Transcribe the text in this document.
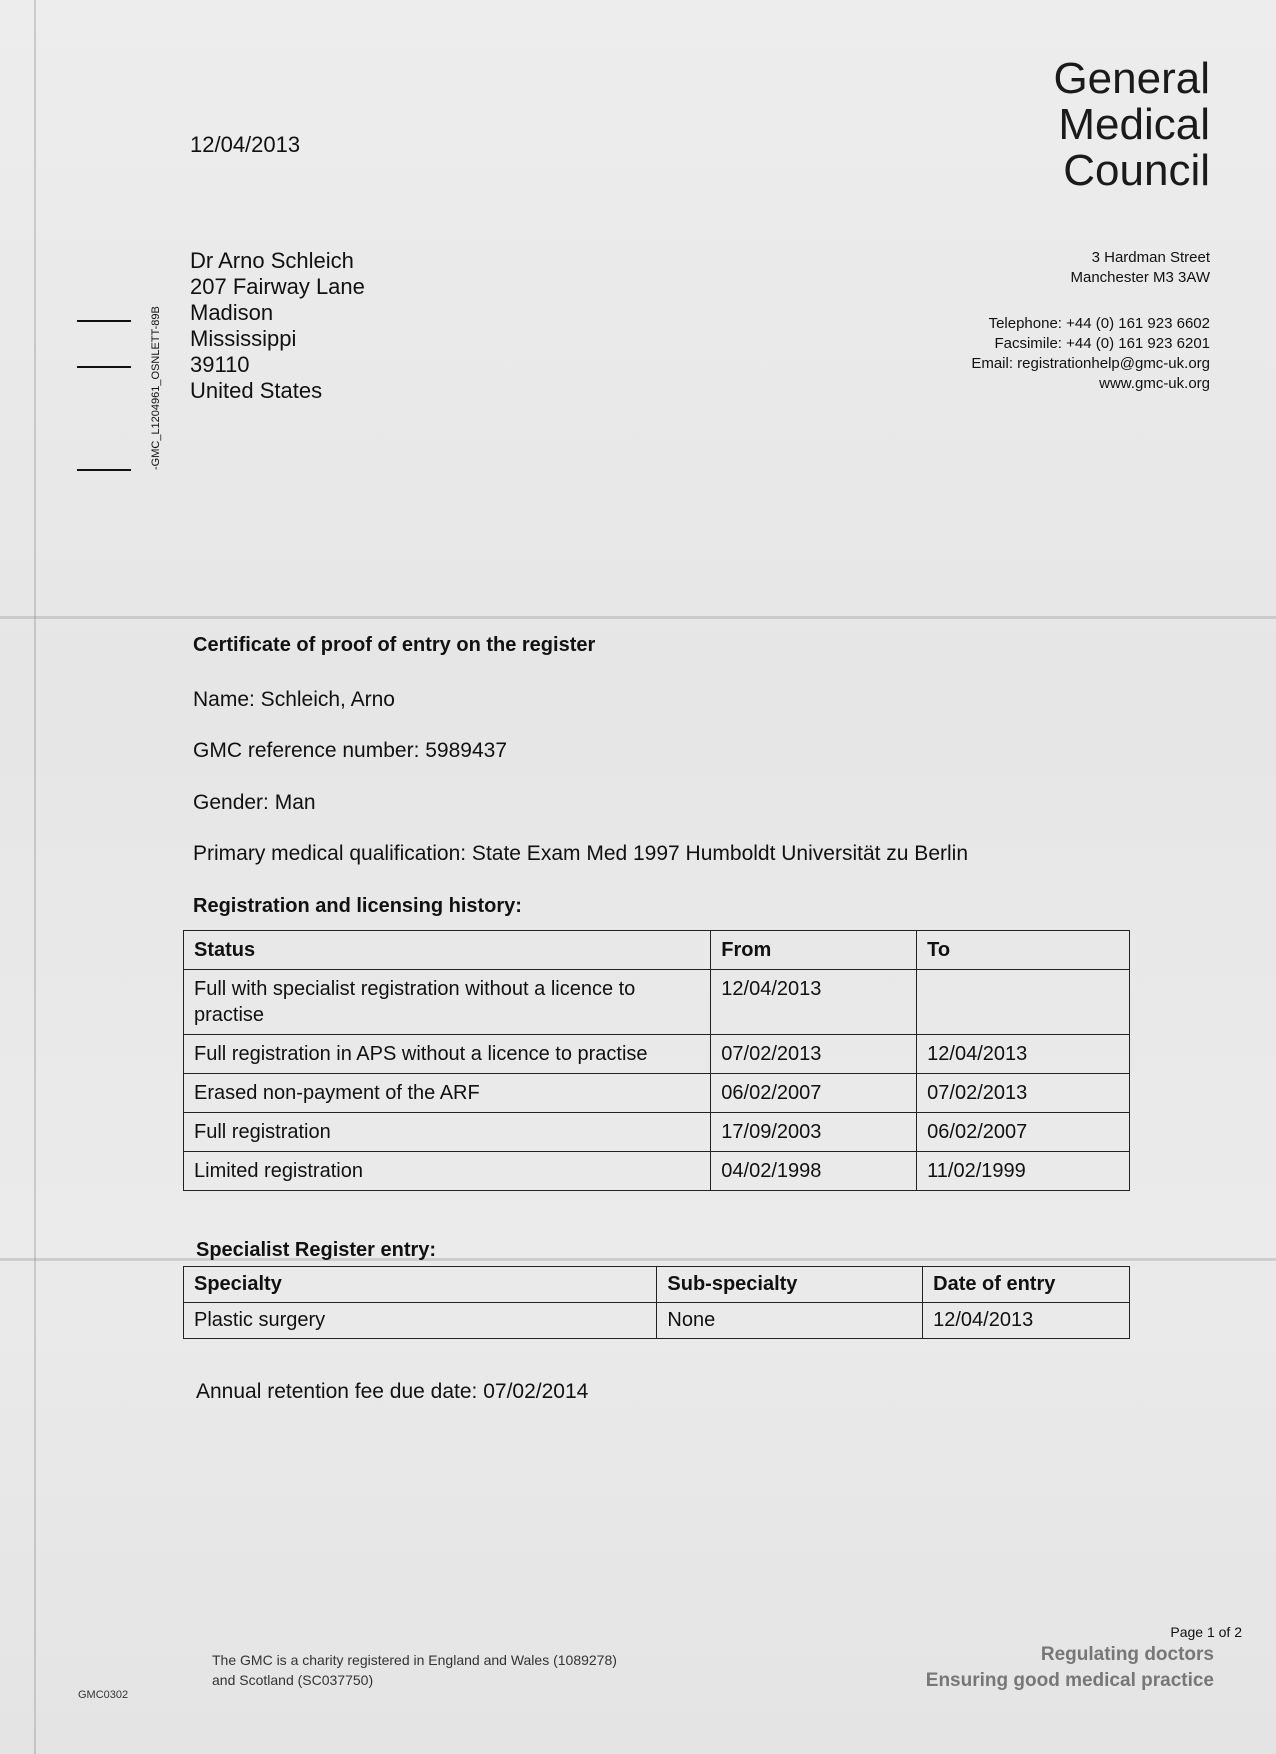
12/04/2013
Dr Arno Schleich
207 Fairway Lane
Madison
Mississippi
39110
United States
-GMC_L1204961_OSNLETT-89B
General
Medical
Council
3 Hardman Street
Manchester M3 3AW
Telephone: +44 (0) 161 923 6602
Facsimile: +44 (0) 161 923 6201
Email: registrationhelp@gmc-uk.org
www.gmc-uk.org
Certificate of proof of entry on the register
Name: Schleich, Arno
GMC reference number: 5989437
Gender: Man
Primary medical qualification: State Exam Med 1997 Humboldt Universität zu Berlin
Registration and licensing history:
Status	From	To
Full with specialist registration without a licence to practise	12/04/2013	
Full registration in APS without a licence to practise	07/02/2013	12/04/2013
Erased non-payment of the ARF	06/02/2007	07/02/2013
Full registration	17/09/2003	06/02/2007
Limited registration	04/02/1998	11/02/1999
Specialist Register entry:
Specialty	Sub-specialty	Date of entry
Plastic surgery	None	12/04/2013
Annual retention fee due date: 07/02/2014
The GMC is a charity registered in England and Wales (1089278)
and Scotland (SC037750)
GMC0302
Page 1 of 2
Regulating doctors
Ensuring good medical practice
